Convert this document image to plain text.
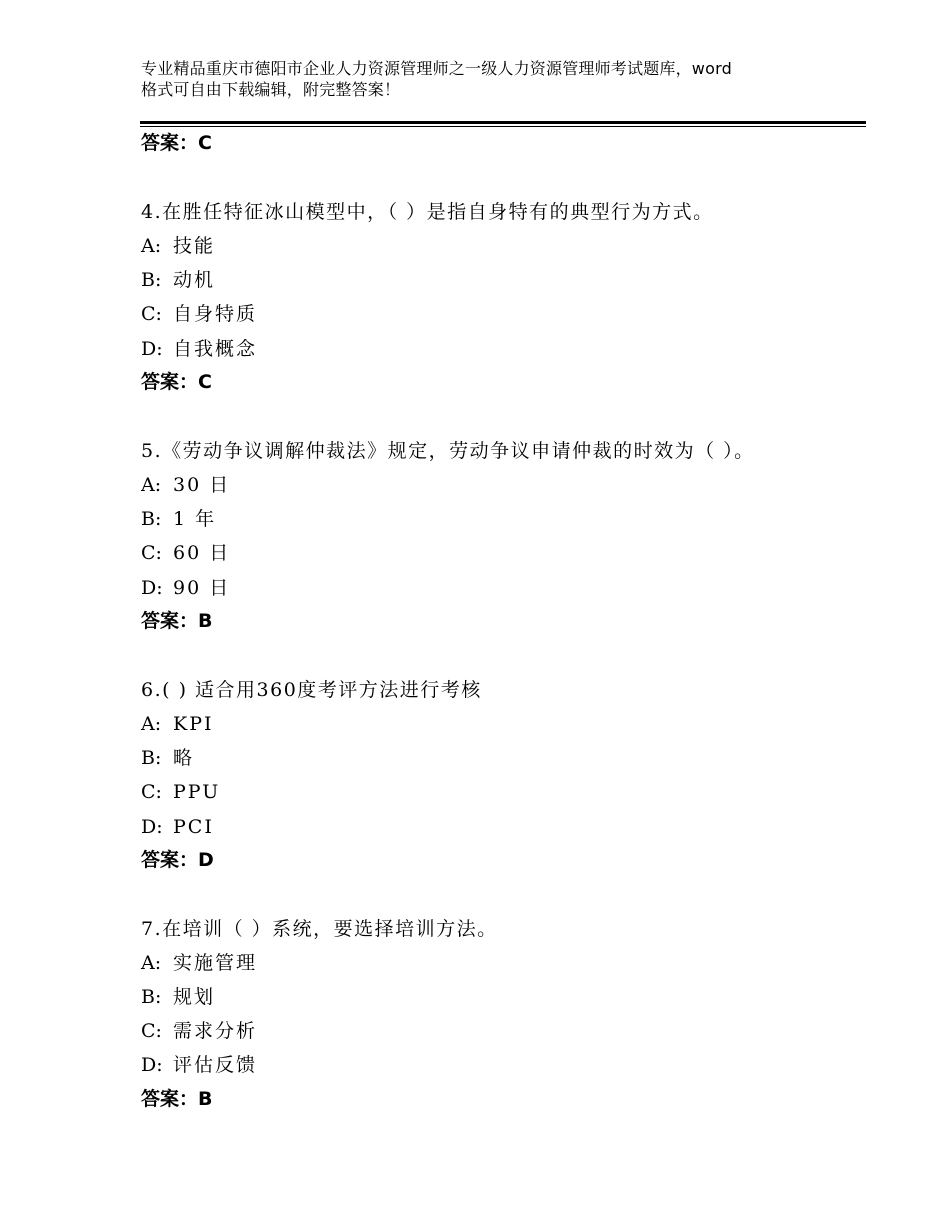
专业精品重庆市德阳市企业人力资源管理师之一级人力资源管理师考试题库，word
格式可自由下载编辑，附完整答案！
答案：C
4.在胜任特征冰山模型中，（ ）是指自身特有的典型行为方式。
A: 技能
B: 动机
C: 自身特质
D: 自我概念
答案：C
5.《劳动争议调解仲裁法》规定，劳动争议申请仲裁的时效为（ ）。
A: 30 日
B: 1 年
C: 60 日
D: 90 日
答案：B
6.( ) 适合用360度考评方法进行考核
A: KPI
B: 略
C: PPU
D: PCI
答案：D
7.在培训（ ）系统，要选择培训方法。
A: 实施管理
B: 规划
C: 需求分析
D: 评估反馈
答案：B
